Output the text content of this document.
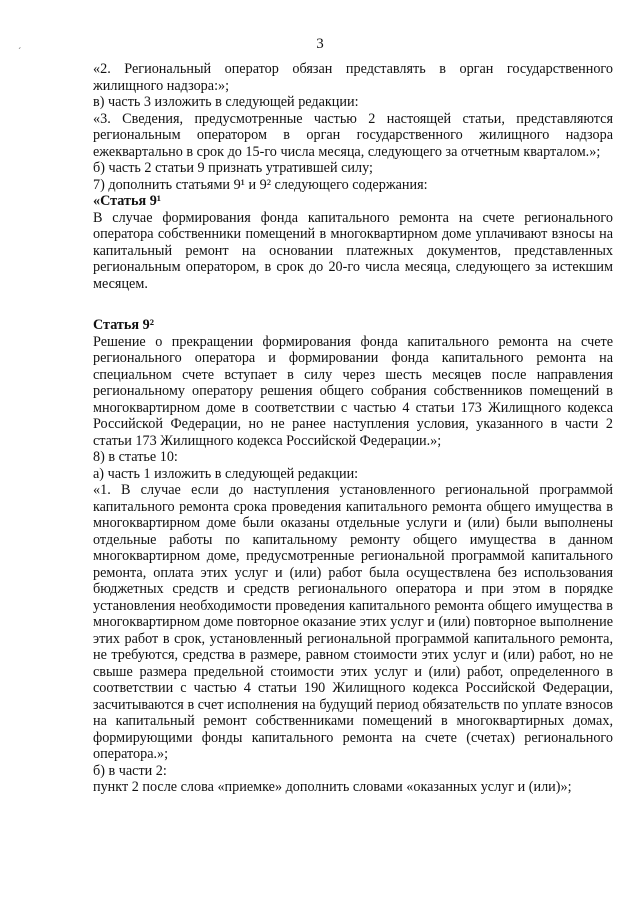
3

«2. Региональный оператор обязан представлять в орган государственного жилищного надзора:»;

в) часть 3 изложить в следующей редакции:

«3. Сведения, предусмотренные частью 2 настоящей статьи, представляются региональным оператором в орган государственного жилищного надзора ежеквартально в срок до 15-го числа месяца, следующего за отчетным кварталом.»;

б) часть 2 статьи 9 признать утратившей силу;

7) дополнить статьями 9¹ и 9² следующего содержания:

«Статья 9¹

В случае формирования фонда капитального ремонта на счете регионального оператора собственники помещений в многоквартирном доме уплачивают взносы на капитальный ремонт на основании платежных документов, представленных региональным оператором, в срок до 20-го числа месяца, следующего за истекшим месяцем.

Статья 9²

Решение о прекращении формирования фонда капитального ремонта на счете регионального оператора и формировании фонда капитального ремонта на специальном счете вступает в силу через шесть месяцев после направления региональному оператору решения общего собрания собственников помещений в многоквартирном доме в соответствии с частью 4 статьи 173 Жилищного кодекса Российской Федерации, но не ранее наступления условия, указанного в части 2 статьи 173 Жилищного кодекса Российской Федерации.»;

8) в статье 10:

а) часть 1 изложить в следующей редакции:

«1. В случае если до наступления установленного региональной программой капитального ремонта срока проведения капитального ремонта общего имущества в многоквартирном доме были оказаны отдельные услуги и (или) были выполнены отдельные работы по капитальному ремонту общего имущества в данном многоквартирном доме, предусмотренные региональной программой капитального ремонта, оплата этих услуг и (или) работ была осуществлена без использования бюджетных средств и средств регионального оператора и при этом в порядке установления необходимости проведения капитального ремонта общего имущества в многоквартирном доме повторное оказание этих услуг и (или) повторное выполнение этих работ в срок, установленный региональной программой капитального ремонта, не требуются, средства в размере, равном стоимости этих услуг и (или) работ, но не свыше размера предельной стоимости этих услуг и (или) работ, определенного в соответствии с частью 4 статьи 190 Жилищного кодекса Российской Федерации, засчитываются в счет исполнения на будущий период обязательств по уплате взносов на капитальный ремонт собственниками помещений в многоквартирных домах, формирующими фонды капитального ремонта на счете (счетах) регионального оператора.»;

б) в части 2:

пункт 2 после слова «приемке» дополнить словами «оказанных услуг и (или)»;

ˊ
